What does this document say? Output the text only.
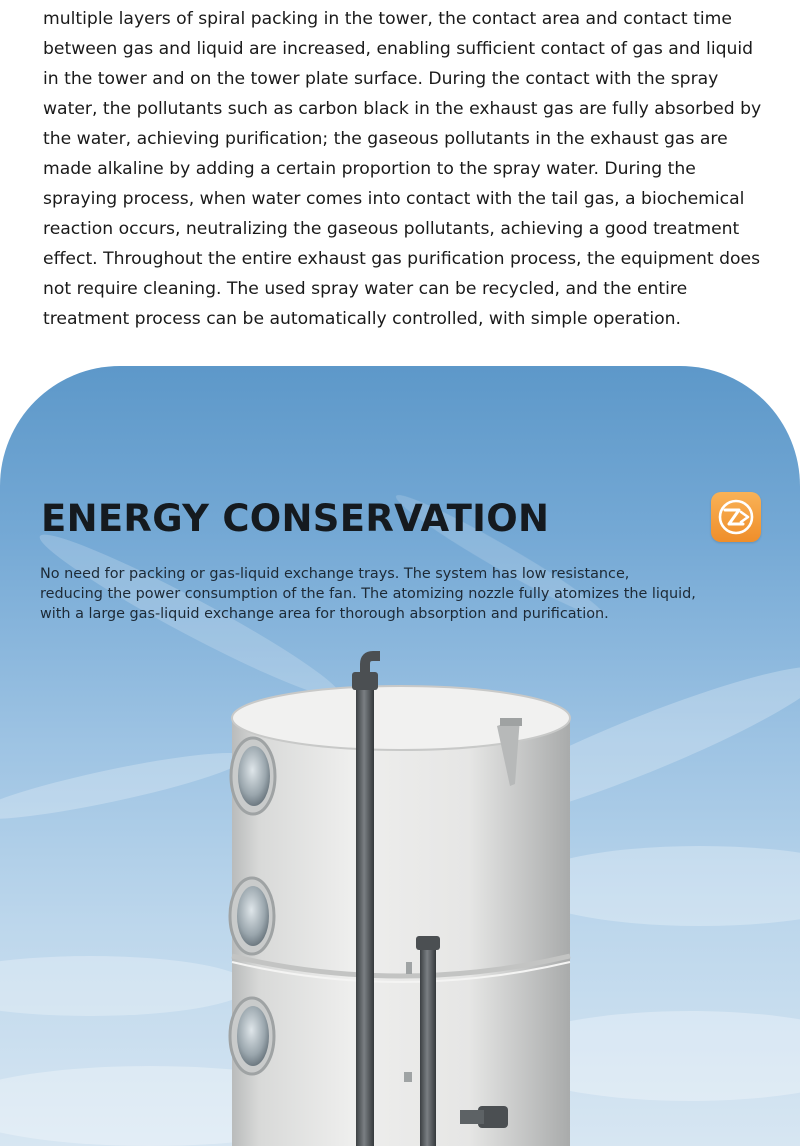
multiple layers of spiral packing in the tower, the contact area and contact time
between gas and liquid are increased, enabling sufficient contact of gas and liquid
in the tower and on the tower plate surface. During the contact with the spray
water, the pollutants such as carbon black in the exhaust gas are fully absorbed by
the water, achieving purification; the gaseous pollutants in the exhaust gas are
made alkaline by adding a certain proportion to the spray water. During the
spraying process, when water comes into contact with the tail gas, a biochemical
reaction occurs, neutralizing the gaseous pollutants, achieving a good treatment
effect. Throughout the entire exhaust gas purification process, the equipment does
not require cleaning. The used spray water can be recycled, and the entire
treatment process can be automatically controlled, with simple operation.
ENERGY CONSERVATION
No need for packing or gas-liquid exchange trays. The system has low resistance,
reducing the power consumption of the fan. The atomizing nozzle fully atomizes the liquid,
with a large gas-liquid exchange area for thorough absorption and purification.
